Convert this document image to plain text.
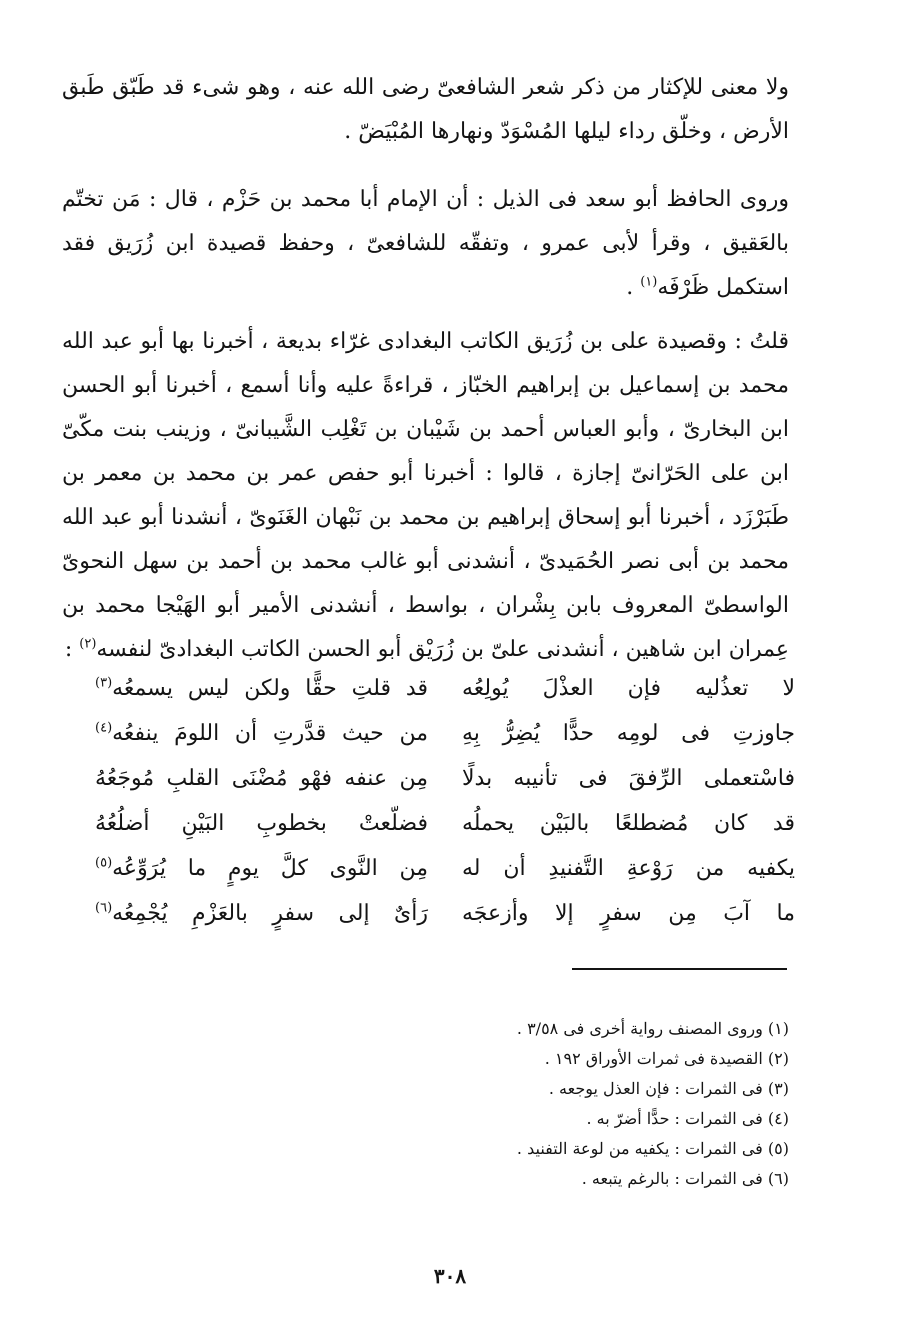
ولا معنى للإكثار من ذكر شعر الشافعىّ رضى الله عنه ، وهو شىء قد طَبّق طَبق الأرض ، وخلّق رداء ليلها المُسْوَدّ ونهارها المُبْيَضّ .

وروى الحافظ أبو سعد فى الذيل : أن الإمام أبا محمد بن حَزْم ، قال : مَن تختّم بالعَقيق ، وقرأ لأبى عمرو ، وتفقّه للشافعىّ ، وحفظ قصيدة ابن زُرَيق فقد استكمل ظَرْفَه$^{(١)}$ .

قلتُ : وقصيدة على بن زُرَيق الكاتب البغدادى غرّاء بديعة ، أخبرنا بها أبو عبد الله محمد بن إسماعيل بن إبراهيم الخبّاز ، قراءةً عليه وأنا أسمع ، أخبرنا أبو الحسن ابن البخارىّ ، وأبو العباس أحمد بن شَيْبان بن تَغْلِب الشَّيبانىّ ، وزينب بنت مكّىّ ابن على الحَرّانىّ إجازة ، قالوا : أخبرنا أبو حفص عمر بن محمد بن معمر بن طَبَرْزَد ، أخبرنا أبو إسحاق إبراهيم بن محمد بن نَبْهان الغَنَوىّ ، أنشدنا أبو عبد الله محمد بن أبى نصر الحُمَيدىّ ، أنشدنى أبو غالب محمد بن أحمد بن سهل النحوىّ الواسطىّ المعروف بابن بِشْران ، بواسط ، أنشدنى الأمير أبو الهَيْجا محمد بن عِمران ابن شاهين ، أنشدنى علىّ بن زُرَيْق أبو الحسن الكاتب البغدادىّ لنفسه$^{(٢)}$ :

لا تعذُليه فإن العذْلَ يُولِعُه
قد قلتِ حقًّا ولكن ليس يسمعُه$^{(٣)}$
جاوزتِ فى لومِه حدًّا يُضِرُّ بِهِ
من حيث قدَّرتِ أن اللومَ ينفعُه$^{(٤)}$
فاسْتعملى الرِّفقَ فى تأنيبه بدلًا
مِن عنفه فهْو مُضْنَى القلبِ مُوجَعُهُ
قد كان مُضطلعًا بالبَيْن يحملُه
فضلّعتْ بخطوبِ البَيْنِ أضلُعُهُ
يكفيه من رَوْعةِ التَّفنيدِ أن له
مِن النَّوى كلَّ يومٍ ما يُرَوِّعُه$^{(٥)}$
ما آبَ مِن سفرٍ إلا وأزعجَه
رَأىٌ إلى سفرٍ بالعَزْمِ يُجْمِعُه$^{(٦)}$
(١) وروى المصنف رواية أخرى فى ٣/٥٨ .
(٢) القصيدة فى ثمرات الأوراق ١٩٢ .
(٣) فى الثمرات : فإن العذل يوجعه .
(٤) فى الثمرات : حدًّا أضرّ به .
(٥) فى الثمرات : يكفيه من لوعة التفنيد .
(٦) فى الثمرات : بالرغم يتبعه .
٣٠٨
